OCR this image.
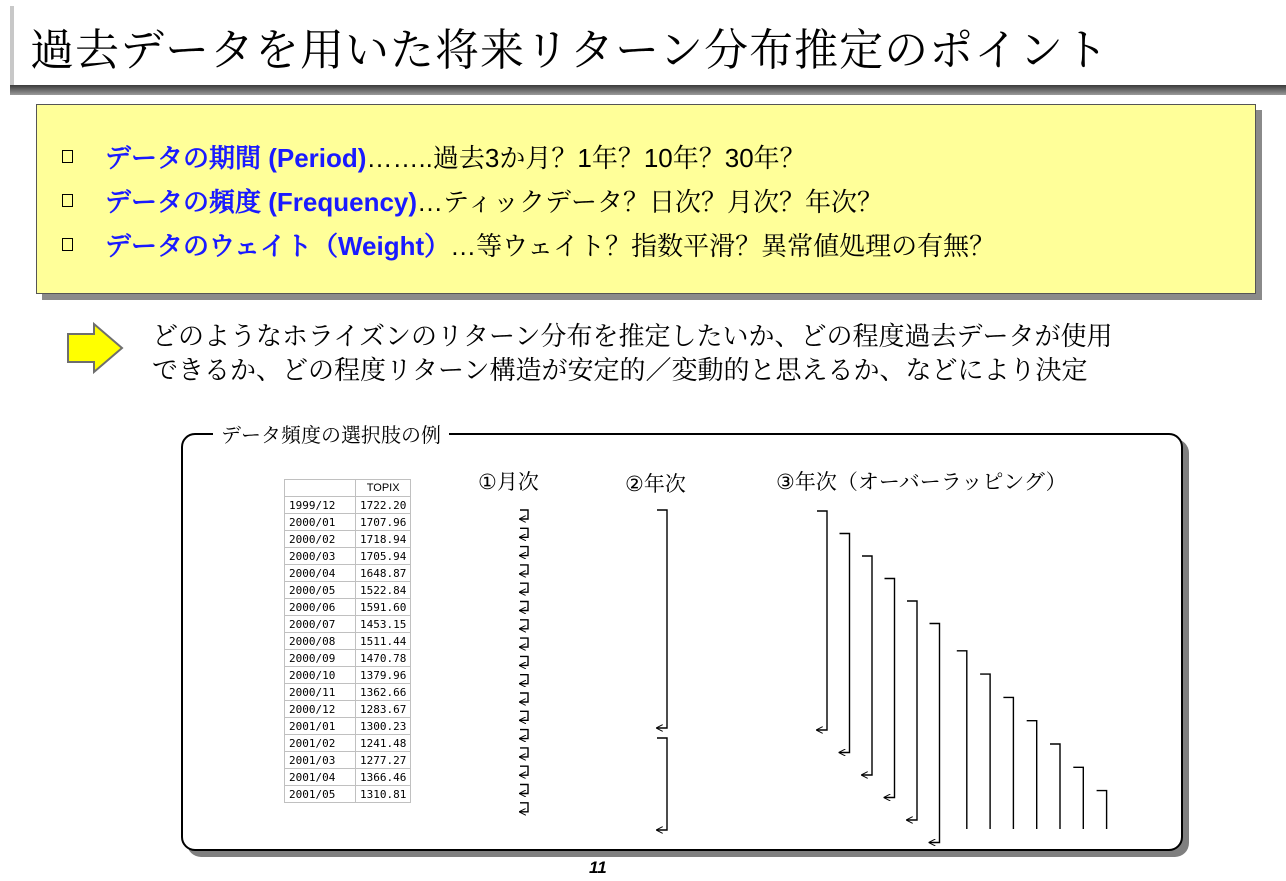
過去データを用いた将来リターン分布推定のポイント
データの期間 (Period) ……..過去3か月？1年？10年？30年？
データの頻度 (Frequency) …ティックデータ？日次？月次？年次？
データのウェイト（Weight） …等ウェイト？指数平滑？異常値処理の有無？
どのようなホライズンのリターン分布を推定したいか、どの程度過去データが使用
できるか、どの程度リターン構造が安定的／変動的と思えるか、などにより決定
データ頻度の選択肢の例
	TOPIX
1999/12	1722.20
2000/01	1707.96
2000/02	1718.94
2000/03	1705.94
2000/04	1648.87
2000/05	1522.84
2000/06	1591.60
2000/07	1453.15
2000/08	1511.44
2000/09	1470.78
2000/10	1379.96
2000/11	1362.66
2000/12	1283.67
2001/01	1300.23
2001/02	1241.48
2001/03	1277.27
2001/04	1366.46
2001/05	1310.81
①月次	②年次	③年次（オーバーラッピング）
11
